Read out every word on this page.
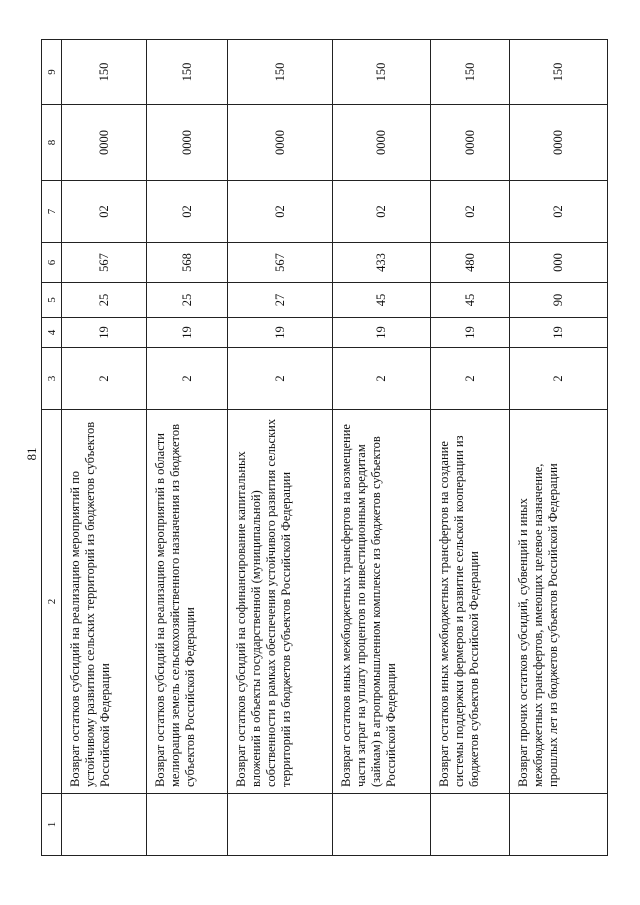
81
1	2	3	4	5	6	7	8	9
	Возврат остатков субсидий на реализацию мероприятий по устойчивому развитию сельских территорий из бюджетов субъектов Российской Федерации	2	19	25	567	02	0000	150
	Возврат остатков субсидий на реализацию мероприятий в области мелиорации земель сельскохозяйственного назначения из бюджетов субъектов Российской Федерации	2	19	25	568	02	0000	150
	Возврат остатков субсидий на софинансирование капитальных вложений в объекты государственной (муниципальной) собственности в рамках обеспечения устойчивого развития сельских территорий из бюджетов субъектов Российской Федерации	2	19	27	567	02	0000	150
	Возврат остатков иных межбюджетных трансфертов на возмещение части затрат на уплату процентов по инвестиционным кредитам (займам) в агропромышленном комплексе из бюджетов субъектов Российской Федерации	2	19	45	433	02	0000	150
	Возврат остатков иных межбюджетных трансфертов на создание системы поддержки фермеров и развитие сельской кооперации из бюджетов субъектов Российской Федерации	2	19	45	480	02	0000	150
	Возврат прочих остатков субсидий, субвенций и иных межбюджетных трансфертов, имеющих целевое назначение, прошлых лет из бюджетов субъектов Российской Федерации	2	19	90	000	02	0000	150
